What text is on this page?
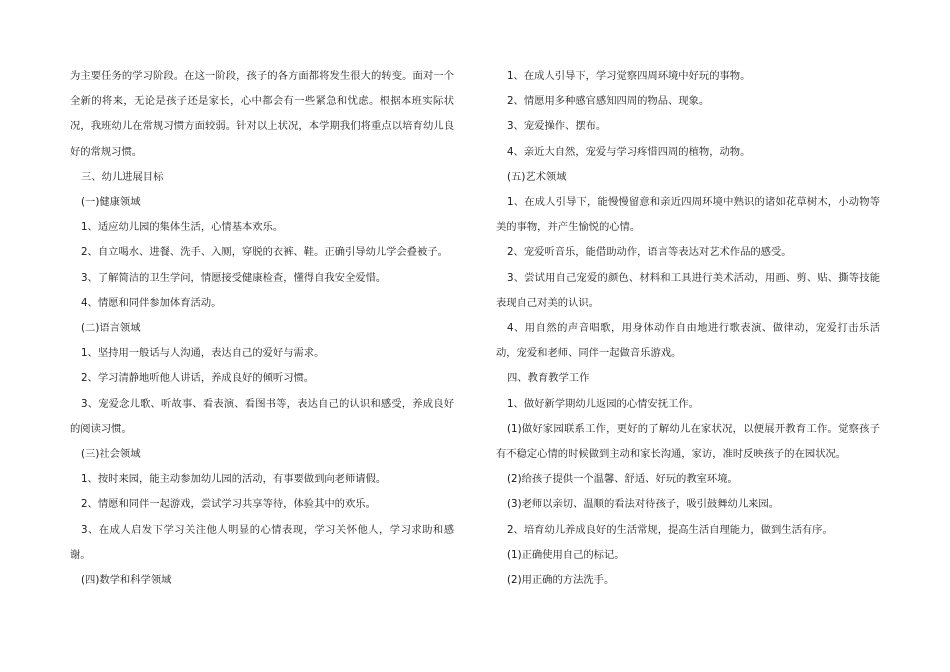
为主要任务的学习阶段。在这一阶段，孩子的各方面都将发生很大的转变。面对一个全新的将来，无论是孩子还是家长，心中都会有一些紧急和忧虑。根据本班实际状况，我班幼儿在常规习惯方面较弱。针对以上状况，本学期我们将重点以培育幼儿良好的常规习惯。

三、幼儿进展目标

(一)健康领域

1、适应幼儿园的集体生活，心情基本欢乐。

2、自立喝水、进餐、洗手、入厕，穿脱的衣裤、鞋。正确引导幼儿学会叠被子。

3、了解简洁的卫生学问，情愿接受健康检查，懂得自我安全爱惜。

4、情愿和同伴参加体育活动。

(二)语言领域

1、坚持用一般话与人沟通，表达自己的爱好与需求。

2、学习清静地听他人讲话，养成良好的倾听习惯。

3、宠爱念儿歌、听故事、看表演、看图书等，表达自己的认识和感受，养成良好的阅读习惯。

(三)社会领域

1、按时来园，能主动参加幼儿园的活动，有事要做到向老师请假。

2、情愿和同伴一起游戏，尝试学习共享等待，体验其中的欢乐。

3、在成人启发下学习关注他人明显的心情表现，学习关怀他人，学习求助和感谢。

(四)数学和科学领域

1、在成人引导下，学习觉察四周环境中好玩的事物。

2、情愿用多种感官感知四周的物品、现象。

3、宠爱操作、摆布。

4、亲近大自然，宠爱与学习疼惜四周的植物，动物。

(五)艺术领域

1、在成人引导下，能慢慢留意和亲近四周环境中熟识的诸如花草树木，小动物等美的事物，并产生愉悦的心情。

2、宠爱听音乐，能借助动作，语言等表达对艺术作品的感受。

3、尝试用自己宠爱的颜色、材料和工具进行美术活动，用画、剪、贴、撕等技能表现自己对美的认识。

4、用自然的声音唱歌，用身体动作自由地进行歌表演、做律动，宠爱打击乐活动，宠爱和老师、同伴一起做音乐游戏。

四、教育教学工作

1、做好新学期幼儿返园的心情安抚工作。

(1)做好家园联系工作，更好的了解幼儿在家状况，以便展开教育工作。觉察孩子有不稳定心情的时候做到主动和家长沟通，家访，准时反映孩子的在园状况。

(2)给孩子提供一个温馨、舒适、好玩的教室环境。

(3)老师以亲切、温顺的看法对待孩子，吸引鼓舞幼儿来园。

2、培育幼儿养成良好的生活常规，提高生活自理能力，做到生活有序。

(1)正确使用自己的标记。

(2)用正确的方法洗手。
